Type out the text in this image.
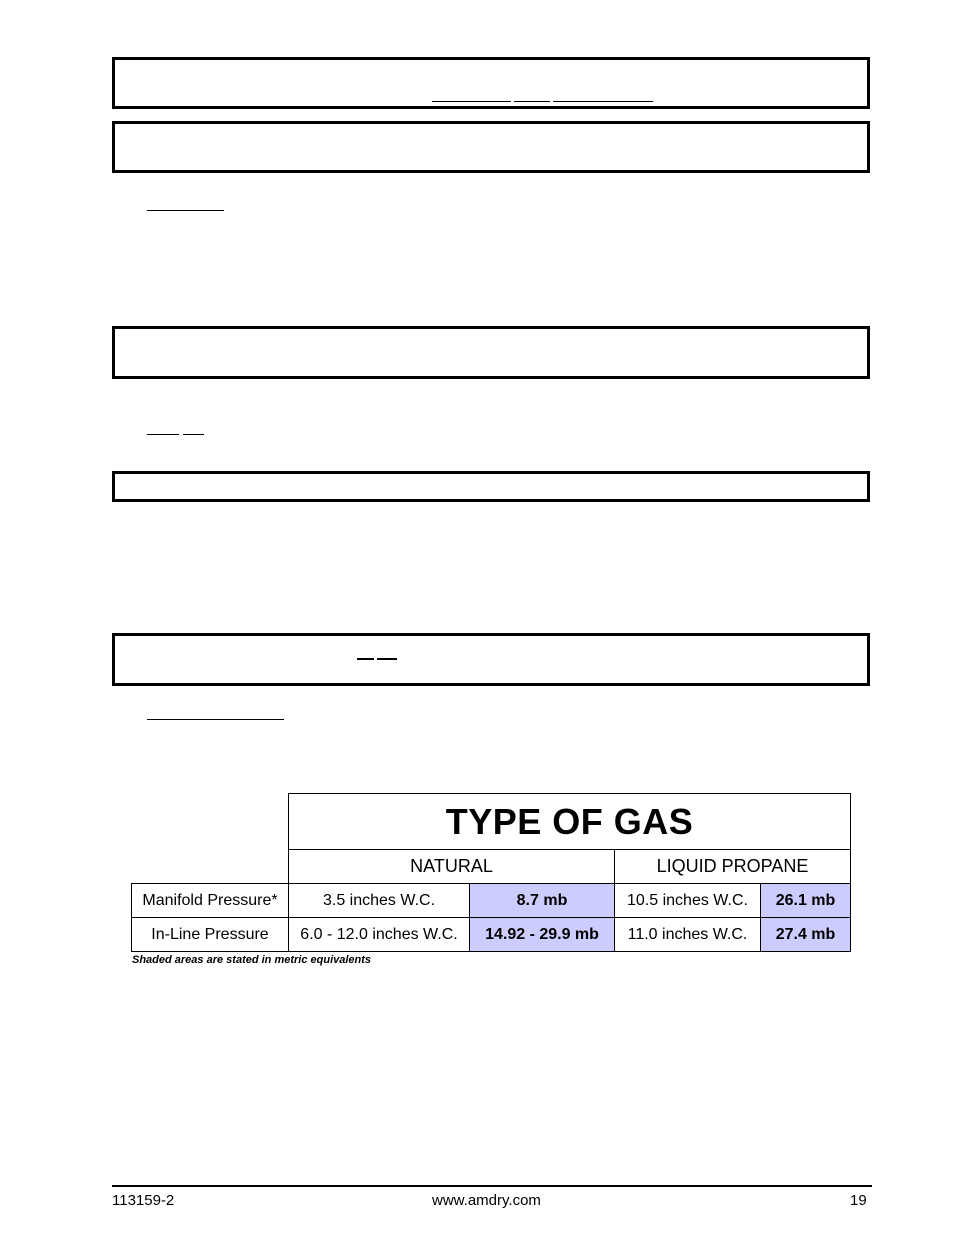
	TYPE OF GAS			
	NATURAL		LIQUID PROPANE	
Manifold Pressure*	3.5 inches W.C.	8.7 mb	10.5 inches W.C.	26.1 mb
In-Line Pressure	6.0 - 12.0 inches W.C.	14.92 - 29.9 mb	11.0 inches W.C.	27.4 mb
Shaded areas are stated in metric equivalents
113159-2	www.amdry.com	19
